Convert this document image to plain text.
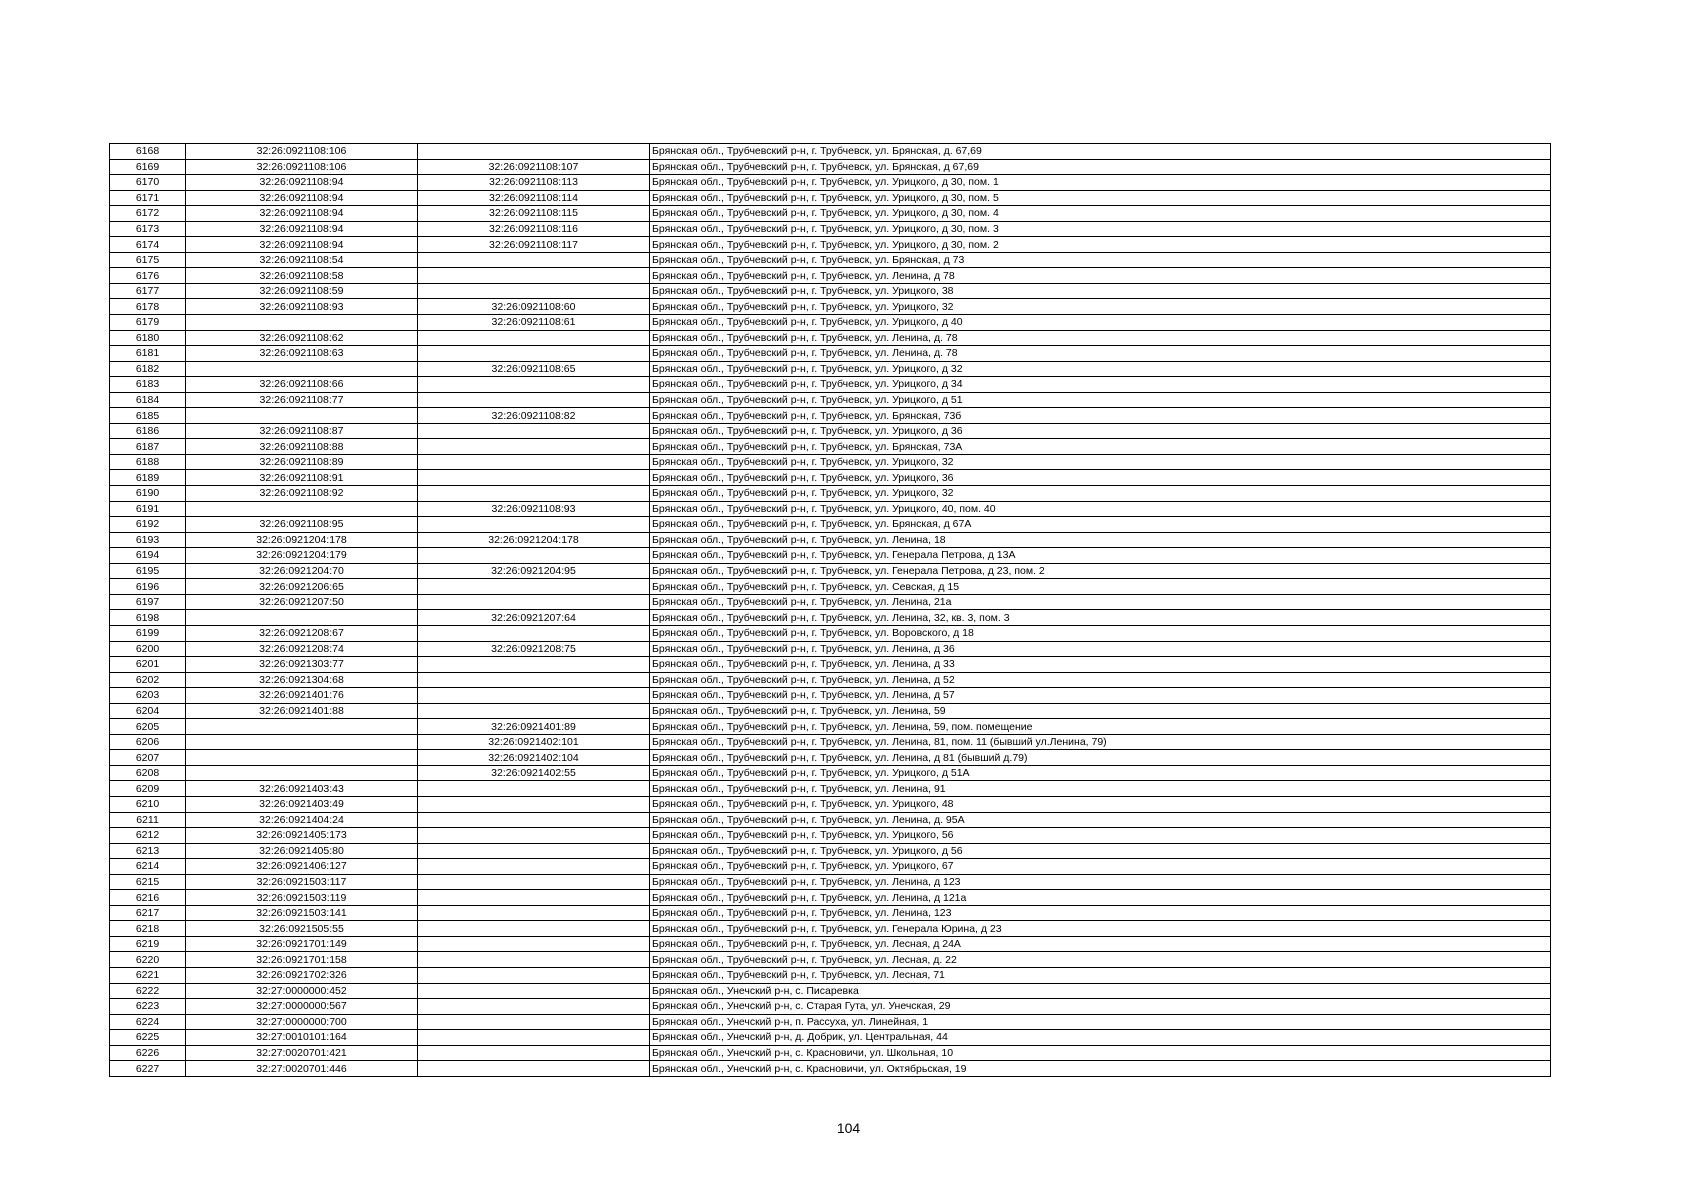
6168	32:26:0921108:106		Брянская обл., Трубчевский р-н, г. Трубчевск, ул. Брянская, д. 67,69
6169	32:26:0921108:106	32:26:0921108:107	Брянская обл., Трубчевский р-н, г. Трубчевск, ул. Брянская, д 67,69
6170	32:26:0921108:94	32:26:0921108:113	Брянская обл., Трубчевский р-н, г. Трубчевск, ул. Урицкого, д 30, пом. 1
6171	32:26:0921108:94	32:26:0921108:114	Брянская обл., Трубчевский р-н, г. Трубчевск, ул. Урицкого, д 30, пом. 5
6172	32:26:0921108:94	32:26:0921108:115	Брянская обл., Трубчевский р-н, г. Трубчевск, ул. Урицкого, д 30, пом. 4
6173	32:26:0921108:94	32:26:0921108:116	Брянская обл., Трубчевский р-н, г. Трубчевск, ул. Урицкого, д 30, пом. 3
6174	32:26:0921108:94	32:26:0921108:117	Брянская обл., Трубчевский р-н, г. Трубчевск, ул. Урицкого, д 30, пом. 2
6175	32:26:0921108:54		Брянская обл., Трубчевский р-н, г. Трубчевск, ул. Брянская, д 73
6176	32:26:0921108:58		Брянская обл., Трубчевский р-н, г. Трубчевск, ул. Ленина, д 78
6177	32:26:0921108:59		Брянская обл., Трубчевский р-н, г. Трубчевск, ул. Урицкого, 38
6178	32:26:0921108:93	32:26:0921108:60	Брянская обл., Трубчевский р-н, г. Трубчевск, ул. Урицкого, 32
6179		32:26:0921108:61	Брянская обл., Трубчевский р-н, г. Трубчевск, ул. Урицкого, д 40
6180	32:26:0921108:62		Брянская обл., Трубчевский р-н, г. Трубчевск, ул. Ленина, д. 78
6181	32:26:0921108:63		Брянская обл., Трубчевский р-н, г. Трубчевск, ул. Ленина, д. 78
6182		32:26:0921108:65	Брянская обл., Трубчевский р-н, г. Трубчевск, ул. Урицкого, д 32
6183	32:26:0921108:66		Брянская обл., Трубчевский р-н, г. Трубчевск, ул. Урицкого, д 34
6184	32:26:0921108:77		Брянская обл., Трубчевский р-н, г. Трубчевск, ул. Урицкого, д 51
6185		32:26:0921108:82	Брянская обл., Трубчевский р-н, г. Трубчевск, ул. Брянская, 73б
6186	32:26:0921108:87		Брянская обл., Трубчевский р-н, г. Трубчевск, ул. Урицкого, д 36
6187	32:26:0921108:88		Брянская обл., Трубчевский р-н, г. Трубчевск, ул. Брянская, 73А
6188	32:26:0921108:89		Брянская обл., Трубчевский р-н, г. Трубчевск, ул. Урицкого, 32
6189	32:26:0921108:91		Брянская обл., Трубчевский р-н, г. Трубчевск, ул. Урицкого, 36
6190	32:26:0921108:92		Брянская обл., Трубчевский р-н, г. Трубчевск, ул. Урицкого, 32
6191		32:26:0921108:93	Брянская обл., Трубчевский р-н, г. Трубчевск, ул. Урицкого, 40, пом. 40
6192	32:26:0921108:95		Брянская обл., Трубчевский р-н, г. Трубчевск, ул. Брянская, д 67А
6193	32:26:0921204:178	32:26:0921204:178	Брянская обл., Трубчевский р-н, г. Трубчевск, ул. Ленина, 18
6194	32:26:0921204:179		Брянская обл., Трубчевский р-н, г. Трубчевск, ул. Генерала Петрова, д 13А
6195	32:26:0921204:70	32:26:0921204:95	Брянская обл., Трубчевский р-н, г. Трубчевск, ул. Генерала Петрова, д 23, пом. 2
6196	32:26:0921206:65		Брянская обл., Трубчевский р-н, г. Трубчевск, ул. Севская, д 15
6197	32:26:0921207:50		Брянская обл., Трубчевский р-н, г. Трубчевск, ул. Ленина, 21а
6198		32:26:0921207:64	Брянская обл., Трубчевский р-н, г. Трубчевск, ул. Ленина, 32, кв. 3, пом. 3
6199	32:26:0921208:67		Брянская обл., Трубчевский р-н, г. Трубчевск, ул. Воровского, д 18
6200	32:26:0921208:74	32:26:0921208:75	Брянская обл., Трубчевский р-н, г. Трубчевск, ул. Ленина, д 36
6201	32:26:0921303:77		Брянская обл., Трубчевский р-н, г. Трубчевск, ул. Ленина, д 33
6202	32:26:0921304:68		Брянская обл., Трубчевский р-н, г. Трубчевск, ул. Ленина, д 52
6203	32:26:0921401:76		Брянская обл., Трубчевский р-н, г. Трубчевск, ул. Ленина, д 57
6204	32:26:0921401:88		Брянская обл., Трубчевский р-н, г. Трубчевск, ул. Ленина, 59
6205		32:26:0921401:89	Брянская обл., Трубчевский р-н, г. Трубчевск, ул. Ленина, 59, пом. помещение
6206		32:26:0921402:101	Брянская обл., Трубчевский р-н, г. Трубчевск, ул. Ленина, 81, пом. 11 (бывший ул.Ленина, 79)
6207		32:26:0921402:104	Брянская обл., Трубчевский р-н, г. Трубчевск, ул. Ленина, д 81 (бывший д.79)
6208		32:26:0921402:55	Брянская обл., Трубчевский р-н, г. Трубчевск, ул. Урицкого, д 51А
6209	32:26:0921403:43		Брянская обл., Трубчевский р-н, г. Трубчевск, ул. Ленина, 91
6210	32:26:0921403:49		Брянская обл., Трубчевский р-н, г. Трубчевск, ул. Урицкого, 48
6211	32:26:0921404:24		Брянская обл., Трубчевский р-н, г. Трубчевск, ул. Ленина, д. 95А
6212	32:26:0921405:173		Брянская обл., Трубчевский р-н, г. Трубчевск, ул. Урицкого, 56
6213	32:26:0921405:80		Брянская обл., Трубчевский р-н, г. Трубчевск, ул. Урицкого, д 56
6214	32:26:0921406:127		Брянская обл., Трубчевский р-н, г. Трубчевск, ул. Урицкого, 67
6215	32:26:0921503:117		Брянская обл., Трубчевский р-н, г. Трубчевск, ул. Ленина, д 123
6216	32:26:0921503:119		Брянская обл., Трубчевский р-н, г. Трубчевск, ул. Ленина, д 121а
6217	32:26:0921503:141		Брянская обл., Трубчевский р-н, г. Трубчевск, ул. Ленина, 123
6218	32:26:0921505:55		Брянская обл., Трубчевский р-н, г. Трубчевск, ул. Генерала Юрина, д 23
6219	32:26:0921701:149		Брянская обл., Трубчевский р-н, г. Трубчевск, ул. Лесная, д 24А
6220	32:26:0921701:158		Брянская обл., Трубчевский р-н, г. Трубчевск, ул. Лесная, д. 22
6221	32:26:0921702:326		Брянская обл., Трубчевский р-н, г. Трубчевск, ул. Лесная, 71
6222	32:27:0000000:452		Брянская обл., Унечский р-н, с. Писаревка
6223	32:27:0000000:567		Брянская обл., Унечский р-н, с. Старая Гута, ул. Унечская, 29
6224	32:27:0000000:700		Брянская обл., Унечский р-н, п. Рассуха, ул. Линейная, 1
6225	32:27:0010101:164		Брянская обл., Унечский р-н, д. Добрик, ул. Центральная, 44
6226	32:27:0020701:421		Брянская обл., Унечский р-н, с. Красновичи, ул. Школьная, 10
6227	32:27:0020701:446		Брянская обл., Унечский р-н, с. Красновичи, ул. Октябрьская, 19
104
